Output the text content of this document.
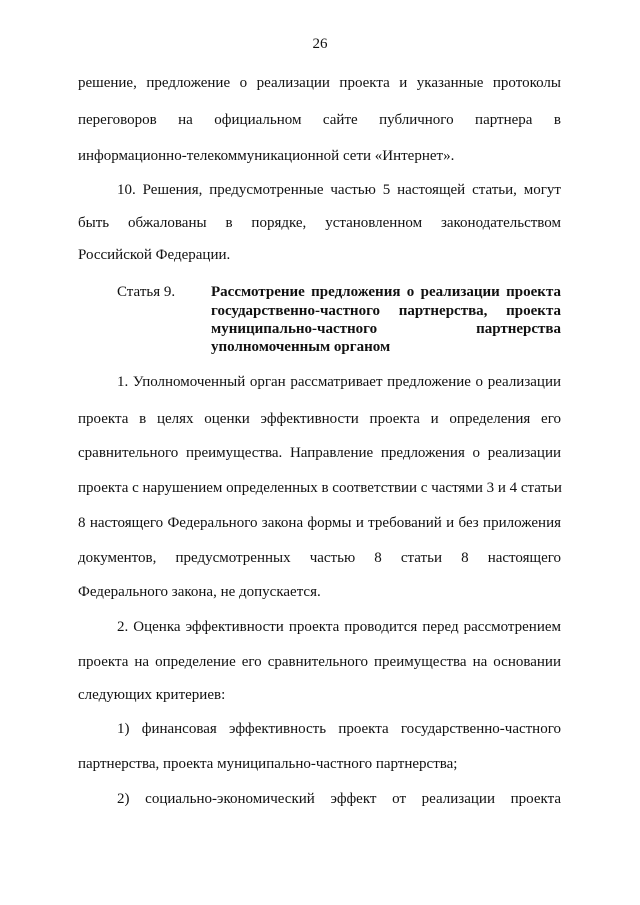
26
решение, предложение о реализации проекта и указанные протоколы
переговоров на официальном сайте публичного партнера в
информационно-телекоммуникационной сети «Интернет».
10. Решения, предусмотренные частью 5 настоящей статьи, могут
быть обжалованы в порядке, установленном законодательством
Российской Федерации.
Статья 9. Рассмотрение предложения о реализации проекта
государственно-частного партнерства, проекта
муниципально-частного партнерства
уполномоченным органом
1. Уполномоченный орган рассматривает предложение о реализации
проекта в целях оценки эффективности проекта и определения его
сравнительного преимущества. Направление предложения о реализации
проекта с нарушением определенных в соответствии с частями 3 и 4 статьи
8 настоящего Федерального закона формы и требований и без приложения
документов, предусмотренных частью 8 статьи 8 настоящего
Федерального закона, не допускается.
2. Оценка эффективности проекта проводится перед рассмотрением
проекта на определение его сравнительного преимущества на основании
следующих критериев:
1) финансовая эффективность проекта государственно-частного
партнерства, проекта муниципально-частного партнерства;
2) социально-экономический эффект от реализации проекта
